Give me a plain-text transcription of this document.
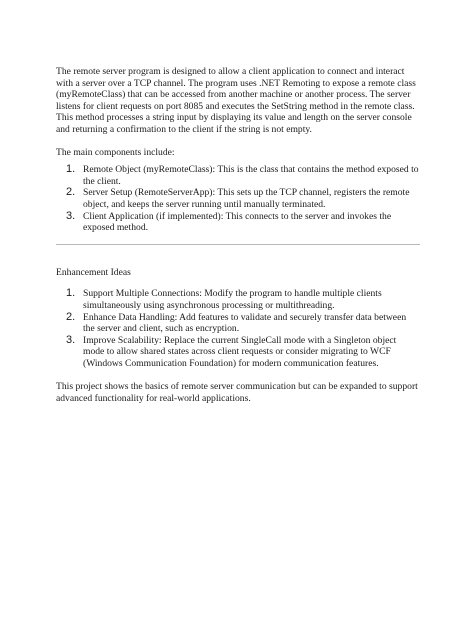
The remote server program is designed to allow a client application to connect and interact with a server over a TCP channel. The program uses .NET Remoting to expose a remote class (myRemoteClass) that can be accessed from another machine or another process. The server listens for client requests on port 8085 and executes the SetString method in the remote class. This method processes a string input by displaying its value and length on the server console and returning a confirmation to the client if the string is not empty.

The main components include:

1. Remote Object (myRemoteClass): This is the class that contains the method exposed to the client.
2. Server Setup (RemoteServerApp): This sets up the TCP channel, registers the remote object, and keeps the server running until manually terminated.
3. Client Application (if implemented): This connects to the server and invokes the exposed method.

Enhancement Ideas

1. Support Multiple Connections: Modify the program to handle multiple clients simultaneously using asynchronous processing or multithreading.
2. Enhance Data Handling: Add features to validate and securely transfer data between the server and client, such as encryption.
3. Improve Scalability: Replace the current SingleCall mode with a Singleton object mode to allow shared states across client requests or consider migrating to WCF (Windows Communication Foundation) for modern communication features.

This project shows the basics of remote server communication but can be expanded to support advanced functionality for real-world applications.
